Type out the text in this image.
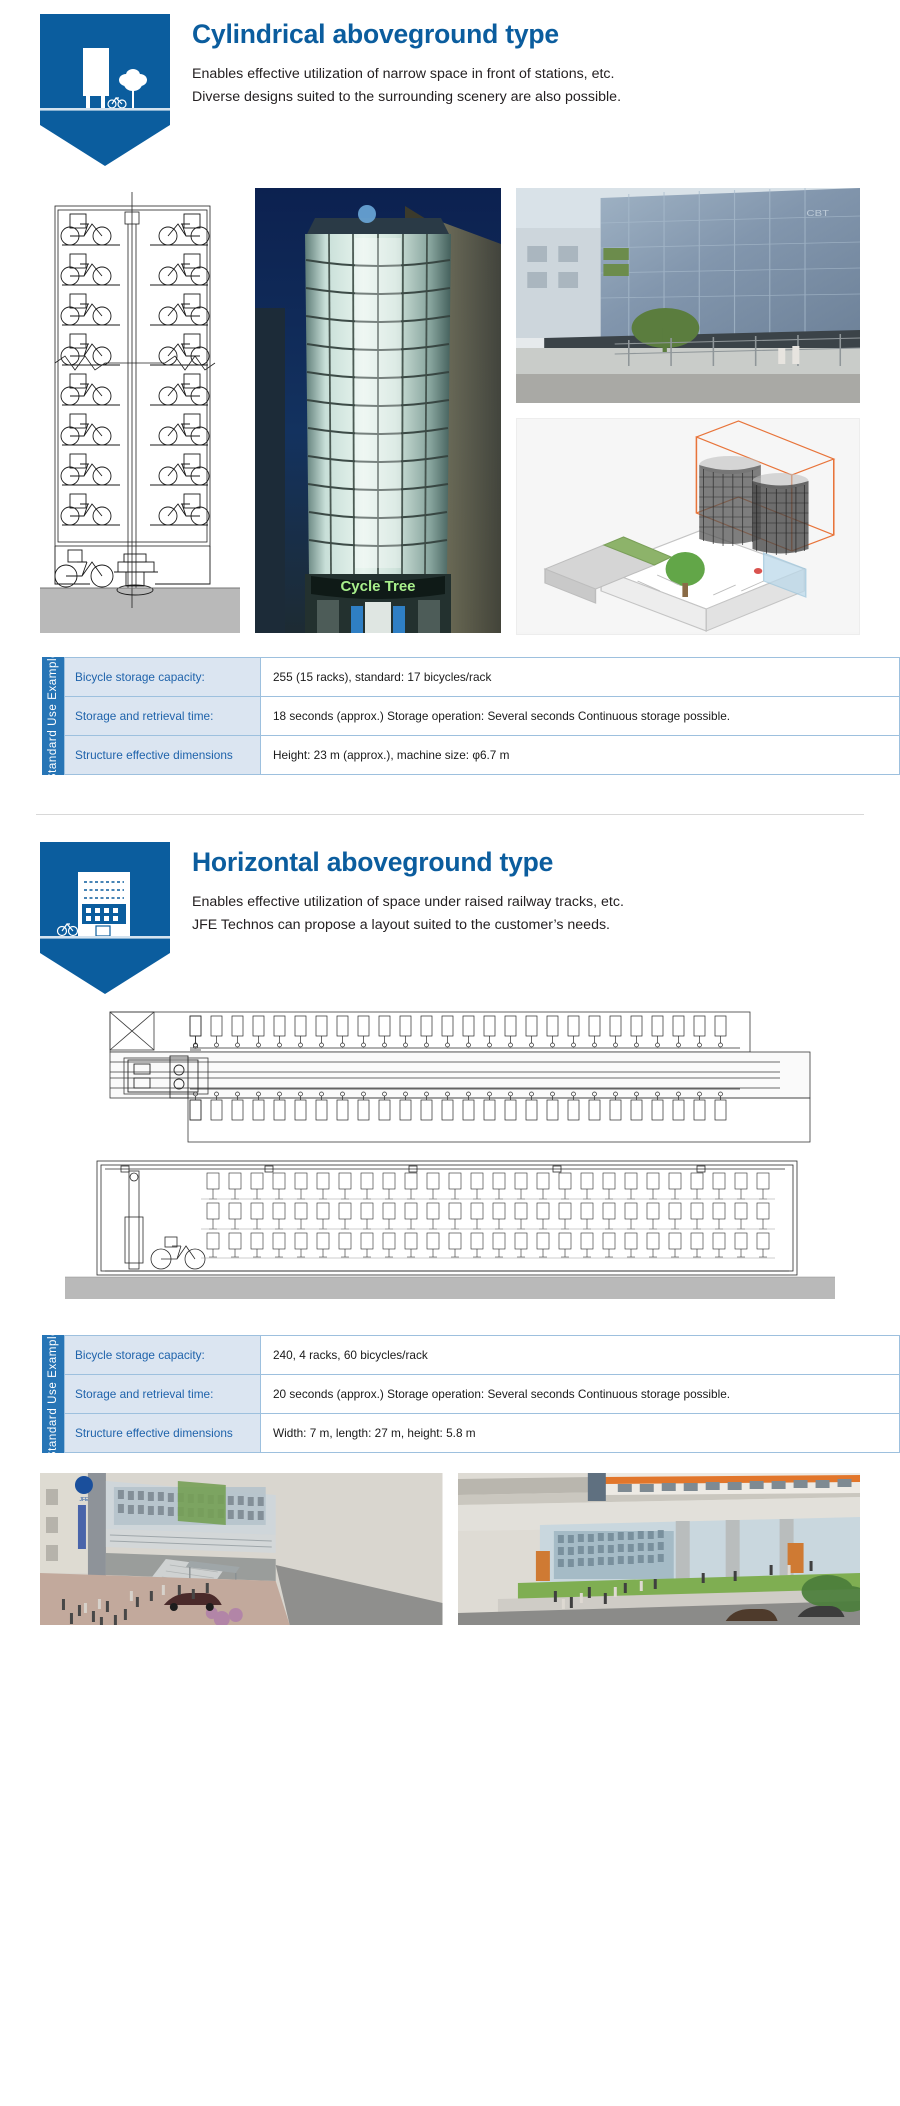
Cylindrical aboveground type
Enables effective utilization of narrow space in front of stations, etc.
Diverse designs suited to the surrounding scenery are also possible.
Cycle Tree
CBT
Standard Use Example Bicycle storage capacity:	255 (15 racks), standard: 17 bicycles/rack
Storage and retrieval time:	18 seconds (approx.) Storage operation: Several seconds Continuous storage possible.
Structure effective dimensions	Height: 23 m (approx.), machine size: φ6.7 m
Horizontal aboveground type
Enables effective utilization of space under raised railway tracks, etc.
JFE Technos can propose a layout suited to the customer’s needs.
Standard Use Example Bicycle storage capacity:	240, 4 racks, 60 bicycles/rack
Storage and retrieval time:	20 seconds (approx.) Storage operation: Several seconds Continuous storage possible.
Structure effective dimensions	Width: 7 m, length: 27 m, height: 5.8 m
JFE
